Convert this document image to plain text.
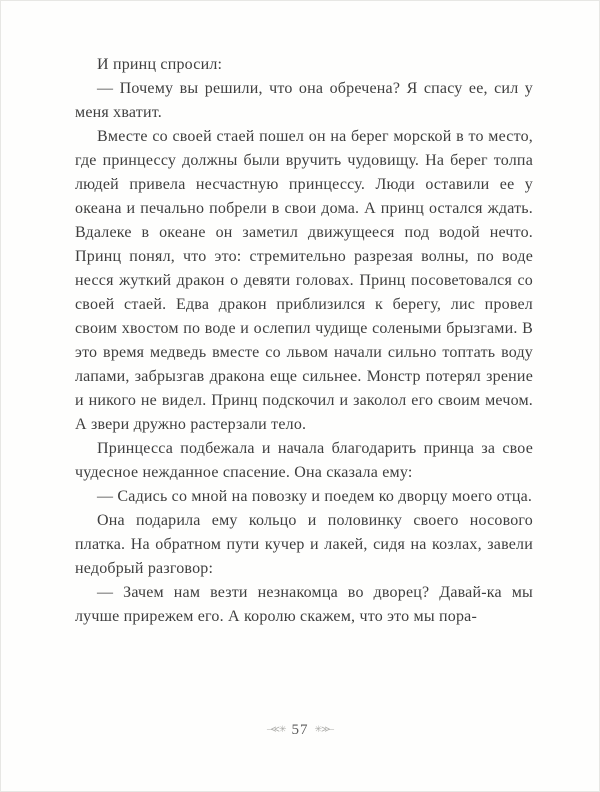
И принц спросил:

— Почему вы решили, что она обречена? Я спасу ее, сил у меня хватит.

Вместе со своей стаей пошел он на берег морской в то место, где принцессу должны были вручить чудовищу. На берег толпа людей привела несчастную принцессу. Люди оставили ее у океана и печально побрели в свои дома. А принц остался ждать. Вдалеке в океане он заметил движущееся под водой нечто. Принц понял, что это: стремительно разрезая волны, по воде несся жуткий дракон о девяти головах. Принц посоветовался со своей стаей. Едва дракон приблизился к берегу, лис провел своим хвостом по воде и ослепил чудище солеными брызгами. В это время медведь вместе со львом начали сильно топтать воду лапами, забрызгав дракона еще сильнее. Монстр потерял зрение и никого не видел. Принц подскочил и заколол его своим мечом. А звери дружно растерзали тело.

Принцесса подбежала и начала благодарить принца за свое чудесное нежданное спасение. Она сказала ему:

— Садись со мной на повозку и поедем ко дворцу моего отца.

Она подарила ему кольцо и половинку своего носового платка. На обратном пути кучер и лакей, сидя на козлах, завели недобрый разговор:

— Зачем нам везти незнакомца во дворец? Давай-ка мы лучше прирежем его. А королю скажем, что это мы пора-

–≪✳ 57 ✳≫–
